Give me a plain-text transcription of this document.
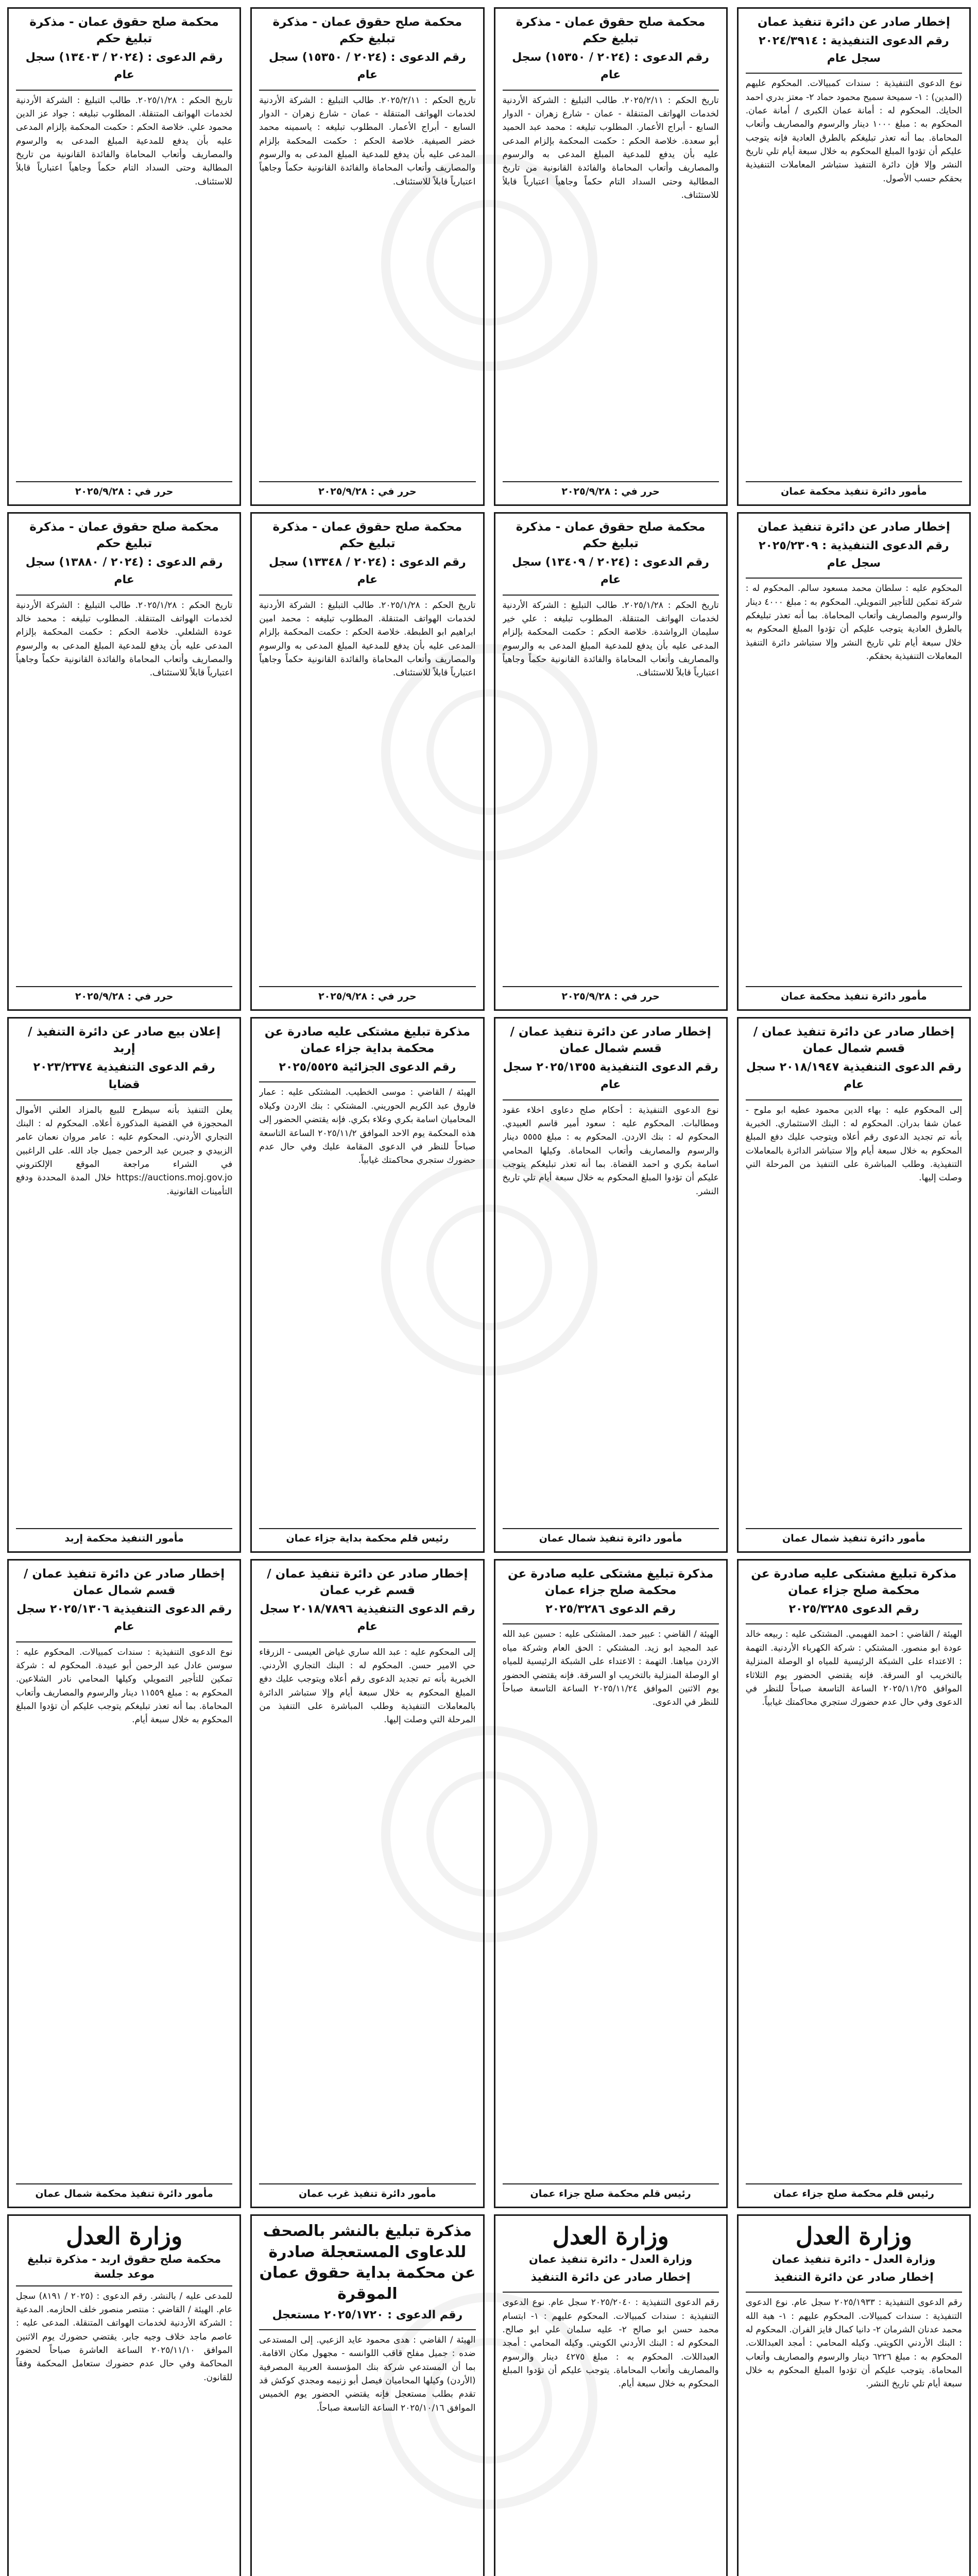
إخطار صادر عن دائرة تنفيذ عمان
رقم الدعوى التنفيذية : ٢٠٢٤/٣٩١٤ سجل عام
نوع الدعوى التنفيذية : سندات كمبيالات. المحكوم عليهم (المدين) : ١- سميحة سميح محمود حماد ٢- معتز بدري احمد الحايك. المحكوم له : أمانة عمان الكبرى / أمانة عمان. المحكوم به : مبلغ ١٠٠٠ دينار والرسوم والمصاريف وأتعاب المحاماة. بما أنه تعذر تبليغكم بالطرق العادية فإنه يتوجب عليكم أن تؤدوا المبلغ المحكوم به خلال سبعة أيام تلي تاريخ النشر وإلا فإن دائرة التنفيذ ستباشر المعاملات التنفيذية بحقكم حسب الأصول.
مأمور دائرة تنفيذ محكمة عمان
محكمة صلح حقوق عمان - مذكرة تبليغ حكم
رقم الدعوى : (٢٠٢٤ / ١٥٣٥٠) سجل عام
تاريخ الحكم : ٢٠٢٥/٢/١١. طالب التبليغ : الشركة الأردنية لخدمات الهواتف المتنقلة - عمان - شارع زهران - الدوار السابع - أبراج الأعمار. المطلوب تبليغه : محمد عبد الحميد أبو سعدة. خلاصة الحكم : حكمت المحكمة بإلزام المدعى عليه بأن يدفع للمدعية المبلغ المدعى به والرسوم والمصاريف وأتعاب المحاماة والفائدة القانونية من تاريخ المطالبة وحتى السداد التام حكماً وجاهياً اعتبارياً قابلاً للاستئناف.
حرر في : ٢٠٢٥/٩/٢٨
محكمة صلح حقوق عمان - مذكرة تبليغ حكم
رقم الدعوى : (٢٠٢٤ / ١٥٣٥٠) سجل عام
تاريخ الحكم : ٢٠٢٥/٢/١١. طالب التبليغ : الشركة الأردنية لخدمات الهواتف المتنقلة - عمان - شارع زهران - الدوار السابع - أبراج الأعمار. المطلوب تبليغه : ياسمينه محمد خضر الصيفية. خلاصة الحكم : حكمت المحكمة بإلزام المدعى عليه بأن يدفع للمدعية المبلغ المدعى به والرسوم والمصاريف وأتعاب المحاماة والفائدة القانونية حكماً وجاهياً اعتبارياً قابلاً للاستئناف.
حرر في : ٢٠٢٥/٩/٢٨
محكمة صلح حقوق عمان - مذكرة تبليغ حكم
رقم الدعوى : (٢٠٢٤ / ١٣٤٠٣) سجل عام
تاريخ الحكم : ٢٠٢٥/١/٢٨. طالب التبليغ : الشركة الأردنية لخدمات الهواتف المتنقلة. المطلوب تبليغه : جواد عز الدين محمود علي. خلاصة الحكم : حكمت المحكمة بإلزام المدعى عليه بأن يدفع للمدعية المبلغ المدعى به والرسوم والمصاريف وأتعاب المحاماة والفائدة القانونية من تاريخ المطالبة وحتى السداد التام حكماً وجاهياً اعتبارياً قابلاً للاستئناف.
حرر في : ٢٠٢٥/٩/٢٨
إخطار صادر عن دائرة تنفيذ عمان
رقم الدعوى التنفيذية : ٢٠٢٥/٢٣٠٩ سجل عام
المحكوم عليه : سلطان محمد مسعود سالم. المحكوم له : شركة تمكين للتأجير التمويلي. المحكوم به : مبلغ ٤٠٠٠ دينار والرسوم والمصاريف وأتعاب المحاماة. بما أنه تعذر تبليغكم بالطرق العادية يتوجب عليكم أن تؤدوا المبلغ المحكوم به خلال سبعة أيام تلي تاريخ النشر وإلا ستباشر دائرة التنفيذ المعاملات التنفيذية بحقكم.
مأمور دائرة تنفيذ محكمة عمان
محكمة صلح حقوق عمان - مذكرة تبليغ حكم
رقم الدعوى : (٢٠٢٤ / ١٣٤٠٩) سجل عام
تاريخ الحكم : ٢٠٢٥/١/٢٨. طالب التبليغ : الشركة الأردنية لخدمات الهواتف المتنقلة. المطلوب تبليغه : علي خير سليمان الرواشدة. خلاصة الحكم : حكمت المحكمة بإلزام المدعى عليه بأن يدفع للمدعية المبلغ المدعى به والرسوم والمصاريف وأتعاب المحاماة والفائدة القانونية حكماً وجاهياً اعتبارياً قابلاً للاستئناف.
حرر في : ٢٠٢٥/٩/٢٨
محكمة صلح حقوق عمان - مذكرة تبليغ حكم
رقم الدعوى : (٢٠٢٤ / ١٣٣٤٨) سجل عام
تاريخ الحكم : ٢٠٢٥/١/٢٨. طالب التبليغ : الشركة الأردنية لخدمات الهواتف المتنقلة. المطلوب تبليغه : محمد امين ابراهيم ابو الطبطة. خلاصة الحكم : حكمت المحكمة بإلزام المدعى عليه بأن يدفع للمدعية المبلغ المدعى به والرسوم والمصاريف وأتعاب المحاماة والفائدة القانونية حكماً وجاهياً اعتبارياً قابلاً للاستئناف.
حرر في : ٢٠٢٥/٩/٢٨
محكمة صلح حقوق عمان - مذكرة تبليغ حكم
رقم الدعوى : (٢٠٢٤ / ١٣٨٨٠) سجل عام
تاريخ الحكم : ٢٠٢٥/١/٢٨. طالب التبليغ : الشركة الأردنية لخدمات الهواتف المتنقلة. المطلوب تبليغه : محمد خالد عودة الشلعلي. خلاصة الحكم : حكمت المحكمة بإلزام المدعى عليه بأن يدفع للمدعية المبلغ المدعى به والرسوم والمصاريف وأتعاب المحاماة والفائدة القانونية حكماً وجاهياً اعتبارياً قابلاً للاستئناف.
حرر في : ٢٠٢٥/٩/٢٨
إخطار صادر عن دائرة تنفيذ عمان / قسم شمال عمان
رقم الدعوى التنفيذية ٢٠١٨/١٩٤٧ سجل عام
إلى المحكوم عليه : بهاء الدين محمود عطيه ابو ملوح - عمان شفا بدران. المحكوم له : البنك الاستثماري. الخبرية بأنه تم تجديد الدعوى رقم أعلاه ويتوجب عليك دفع المبلغ المحكوم به خلال سبعة أيام وإلا ستباشر الدائرة بالمعاملات التنفيذية. وطلب المباشرة على التنفيذ من المرحلة التي وصلت إليها.
مأمور دائرة تنفيذ شمال عمان
إخطار صادر عن دائرة تنفيذ عمان / قسم شمال عمان
رقم الدعوى التنفيذية ٢٠٢٥/١٣٥٥ سجل عام
نوع الدعوى التنفيذية : أحكام صلح دعاوى اخلاء عقود ومطالبات. المحكوم عليه : سعود أمير قاسم العبيدي. المحكوم له : بنك الاردن. المحكوم به : مبلغ ٥٥٥٥ دينار والرسوم والمصاريف وأتعاب المحاماة. وكيلها المحامي اسامة بكري و احمد القضاة. بما أنه تعذر تبليغكم يتوجب عليكم أن تؤدوا المبلغ المحكوم به خلال سبعة أيام تلي تاريخ النشر.
مأمور دائرة تنفيذ شمال عمان
مذكرة تبليغ مشتكى عليه صادرة عن محكمة بداية جزاء عمان
رقم الدعوى الجزائية ٢٠٢٥/٥٥٢٥
الهيئة / القاضي : موسى الخطيب. المشتكى عليه : عمار فاروق عبد الكريم الحوريني. المشتكي : بنك الاردن وكيلاه المحاميان اسامة بكري وعلاء بكري. فإنه يقتضي الحضور إلى هذه المحكمة يوم الاحد الموافق ٢٠٢٥/١١/٢ الساعة التاسعة صباحاً للنظر في الدعوى المقامة عليك وفي حال عدم حضورك ستجري محاكمتك غيابياً.
رئيس قلم محكمة بداية جزاء عمان
إعلان بيع صادر عن دائرة التنفيذ / إربد
رقم الدعوى التنفيذية ٢٠٢٣/٢٣٧٤ قضايا
يعلن التنفيذ بأنه سيطرح للبيع بالمزاد العلني الأموال المحجوزة في القضية المذكورة أعلاه. المحكوم له : البنك التجاري الأردني. المحكوم عليه : عامر مروان نعمان عامر الزبيدي و جبرين عبد الرحمن جميل جاد الله. على الراغبين في الشراء مراجعة الموقع الإلكتروني https://auctions.moj.gov.jo خلال المدة المحددة ودفع التأمينات القانونية.
مأمور التنفيذ محكمة إربد
مذكرة تبليغ مشتكى عليه صادرة عن محكمة صلح جزاء عمان
رقم الدعوى ٢٠٢٥/٣٢٨٥
الهيئة / القاضي : احمد الفهيمي. المشتكى عليه : ربيعه خالد عودة ابو منصور. المشتكي : شركة الكهرباء الأردنية. التهمة : الاعتداء على الشبكة الرئيسية للمياه او الوصلة المنزلية بالتخريب او السرقة. فإنه يقتضي الحضور يوم الثلاثاء الموافق ٢٠٢٥/١١/٢٥ الساعة التاسعة صباحاً للنظر في الدعوى وفي حال عدم حضورك ستجري محاكمتك غيابياً.
رئيس قلم محكمة صلح جزاء عمان
مذكرة تبليغ مشتكى عليه صادرة عن محكمة صلح جزاء عمان
رقم الدعوى ٢٠٢٥/٣٢٨٦
الهيئة / القاضي : عبير حمد. المشتكى عليه : حسين عبد الله عبد المجيد ابو زيد. المشتكي : الحق العام وشركة مياه الاردن مياهنا. التهمة : الاعتداء على الشبكة الرئيسية للمياه او الوصلة المنزلية بالتخريب او السرقة. فإنه يقتضي الحضور يوم الاثنين الموافق ٢٠٢٥/١١/٢٤ الساعة التاسعة صباحاً للنظر في الدعوى.
رئيس قلم محكمة صلح جزاء عمان
إخطار صادر عن دائرة تنفيذ عمان / قسم غرب عمان
رقم الدعوى التنفيذية ٢٠١٨/٧٨٩٦ سجل عام
إلى المحكوم عليه : عبد الله ساري غياض العيسى - الزرقاء حي الامير حسن. المحكوم له : البنك التجاري الأردني. الخبرية بأنه تم تجديد الدعوى رقم أعلاه ويتوجب عليك دفع المبلغ المحكوم به خلال سبعة أيام وإلا ستباشر الدائرة بالمعاملات التنفيذية وطلب المباشرة على التنفيذ من المرحلة التي وصلت إليها.
مأمور دائرة تنفيذ غرب عمان
إخطار صادر عن دائرة تنفيذ عمان / قسم شمال عمان
رقم الدعوى التنفيذية ٢٠٢٥/١٣٠٦ سجل عام
نوع الدعوى التنفيذية : سندات كمبيالات. المحكوم عليه : سوسن عادل عبد الرحمن أبو عبيدة. المحكوم له : شركة تمكين للتأجير التمويلي وكيلها المحامي نادر الشلاعين. المحكوم به : مبلغ ١١٥٥٩ دينار والرسوم والمصاريف وأتعاب المحاماة. بما أنه تعذر تبليغكم يتوجب عليكم أن تؤدوا المبلغ المحكوم به خلال سبعة أيام.
مأمور دائرة تنفيذ محكمة شمال عمان
وزارة العدل
وزارة العدل - دائرة تنفيذ عمان
إخطار صادر عن دائرة التنفيذ
رقم الدعوى التنفيذية : ٢٠٢٥/١٩٣٣ سجل عام. نوع الدعوى التنفيذية : سندات كمبيالات. المحكوم عليهم : ١- هبة الله محمد عدنان الشرمان ٢- دانيا كمال فايز الفران. المحكوم له : البنك الأردني الكويتي. وكيله المحامي : أمجد العبداللات. المحكوم به : مبلغ ٦٢٢٦ دينار والرسوم والمصاريف وأتعاب المحاماة. يتوجب عليكم أن تؤدوا المبلغ المحكوم به خلال سبعة أيام تلي تاريخ النشر.
وزارة العدل
وزارة العدل - دائرة تنفيذ عمان
إخطار صادر عن دائرة التنفيذ
رقم الدعوى التنفيذية : ٢٠٢٥/٢٠٤٠ سجل عام. نوع الدعوى التنفيذية : سندات كمبيالات. المحكوم عليهم : ١- ابتسام محمد حسن ابو صالح ٢- عليه سلمان علي ابو صالح. المحكوم له : البنك الأردني الكويتي. وكيله المحامي : أمجد العبداللات. المحكوم به : مبلغ ٤٢٧٥ دينار والرسوم والمصاريف وأتعاب المحاماة. يتوجب عليكم أن تؤدوا المبلغ المحكوم به خلال سبعة أيام.
مذكرة تبليغ بالنشر بالصحف للدعاوى المستعجلة صادرة عن محكمة بداية حقوق عمان الموقرة
رقم الدعوى : ٢٠٢٥/١٧٢٠ مستعجل
الهيئة / القاضي : هدى محمود عايد الزعبي. إلى المستدعى ضده : جميل مفلح قاقب اللوانسه - مجهول مكان الاقامة. بما أن المستدعي شركة بنك المؤسسة العربية المصرفية (الأردن) وكيلها المحاميان فيصل أبو زنيمه ومجدي كوكش قد تقدم بطلب مستعجل فإنه يقتضي الحضور يوم الخميس الموافق ٢٠٢٥/١٠/١٦ الساعة التاسعة صباحاً.
وزارة العدل
محكمة صلح حقوق اربد - مذكرة تبليغ موعد جلسة
للمدعى عليه / بالنشر. رقم الدعوى : (٢٠٢٥ / ٨١٩١) سجل عام. الهيئة / القاضي : منتصر منصور خلف الحازمه. المدعية : الشركة الأردنية لخدمات الهواتف المتنقلة. المدعى عليه : عاصم ماجد خلاف وجيه جابر. يقتضي حضورك يوم الاثنين الموافق ٢٠٢٥/١١/١٠ الساعة العاشرة صباحاً لحضور المحاكمة وفي حال عدم حضورك ستعامل المحكمة وفقاً للقانون.
